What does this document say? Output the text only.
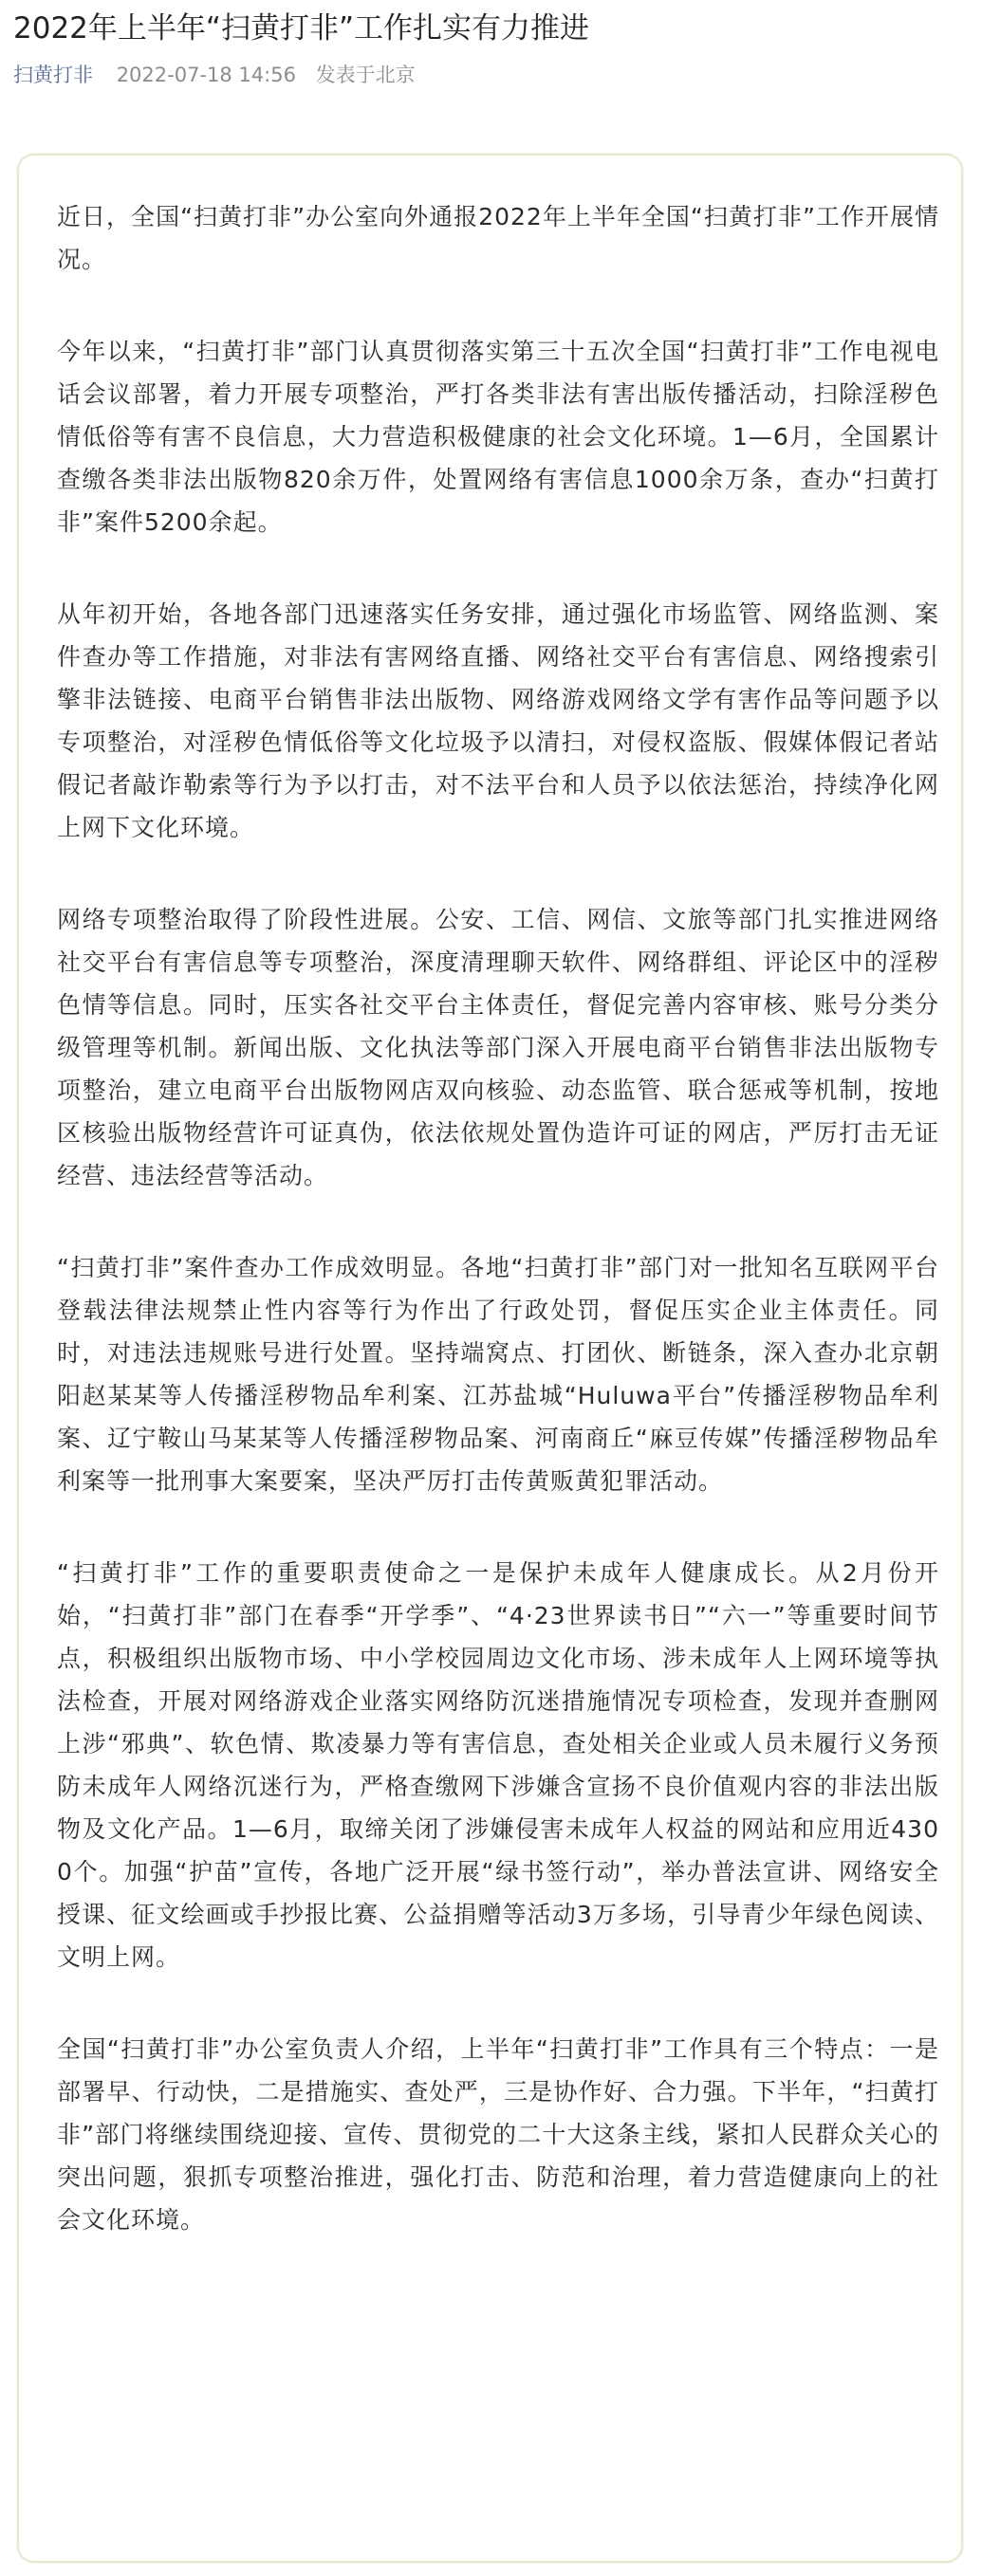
2022年上半年“扫黄打非”工作扎实有力推进
扫黄打非 2022-07-18 14:56 发表于北京

近日，全国“扫黄打非”办公室向外通报2022年上半年全国“扫黄打非”工作开展情况。

今年以来，“扫黄打非”部门认真贯彻落实第三十五次全国“扫黄打非”工作电视电话会议部署，着力开展专项整治，严打各类非法有害出版传播活动，扫除淫秽色情低俗等有害不良信息，大力营造积极健康的社会文化环境。1—6月，全国累计查缴各类非法出版物820余万件，处置网络有害信息1000余万条，查办“扫黄打非”案件5200余起。

从年初开始，各地各部门迅速落实任务安排，通过强化市场监管、网络监测、案件查办等工作措施，对非法有害网络直播、网络社交平台有害信息、网络搜索引擎非法链接、电商平台销售非法出版物、网络游戏网络文学有害作品等问题予以专项整治，对淫秽色情低俗等文化垃圾予以清扫，对侵权盗版、假媒体假记者站假记者敲诈勒索等行为予以打击，对不法平台和人员予以依法惩治，持续净化网上网下文化环境。

网络专项整治取得了阶段性进展。公安、工信、网信、文旅等部门扎实推进网络社交平台有害信息等专项整治，深度清理聊天软件、网络群组、评论区中的淫秽色情等信息。同时，压实各社交平台主体责任，督促完善内容审核、账号分类分级管理等机制。新闻出版、文化执法等部门深入开展电商平台销售非法出版物专项整治，建立电商平台出版物网店双向核验、动态监管、联合惩戒等机制，按地区核验出版物经营许可证真伪，依法依规处置伪造许可证的网店，严厉打击无证经营、违法经营等活动。

“扫黄打非”案件查办工作成效明显。各地“扫黄打非”部门对一批知名互联网平台登载法律法规禁止性内容等行为作出了行政处罚，督促压实企业主体责任。同时，对违法违规账号进行处置。坚持端窝点、打团伙、断链条，深入查办北京朝阳赵某某等人传播淫秽物品牟利案、江苏盐城“Huluwa平台”传播淫秽物品牟利案、辽宁鞍山马某某等人传播淫秽物品案、河南商丘“麻豆传媒”传播淫秽物品牟利案等一批刑事大案要案，坚决严厉打击传黄贩黄犯罪活动。

“扫黄打非”工作的重要职责使命之一是保护未成年人健康成长。从2月份开始，“扫黄打非”部门在春季“开学季”、“4·23世界读书日”“六一”等重要时间节点，积极组织出版物市场、中小学校园周边文化市场、涉未成年人上网环境等执法检查，开展对网络游戏企业落实网络防沉迷措施情况专项检查，发现并查删网上涉“邪典”、软色情、欺凌暴力等有害信息，查处相关企业或人员未履行义务预防未成年人网络沉迷行为，严格查缴网下涉嫌含宣扬不良价值观内容的非法出版物及文化产品。1—6月，取缔关闭了涉嫌侵害未成年人权益的网站和应用近4300个。加强“护苗”宣传，各地广泛开展“绿书签行动”，举办普法宣讲、网络安全授课、征文绘画或手抄报比赛、公益捐赠等活动3万多场，引导青少年绿色阅读、文明上网。

全国“扫黄打非”办公室负责人介绍，上半年“扫黄打非”工作具有三个特点：一是部署早、行动快，二是措施实、查处严，三是协作好、合力强。下半年，“扫黄打非”部门将继续围绕迎接、宣传、贯彻党的二十大这条主线，紧扣人民群众关心的突出问题，狠抓专项整治推进，强化打击、防范和治理，着力营造健康向上的社会文化环境。
